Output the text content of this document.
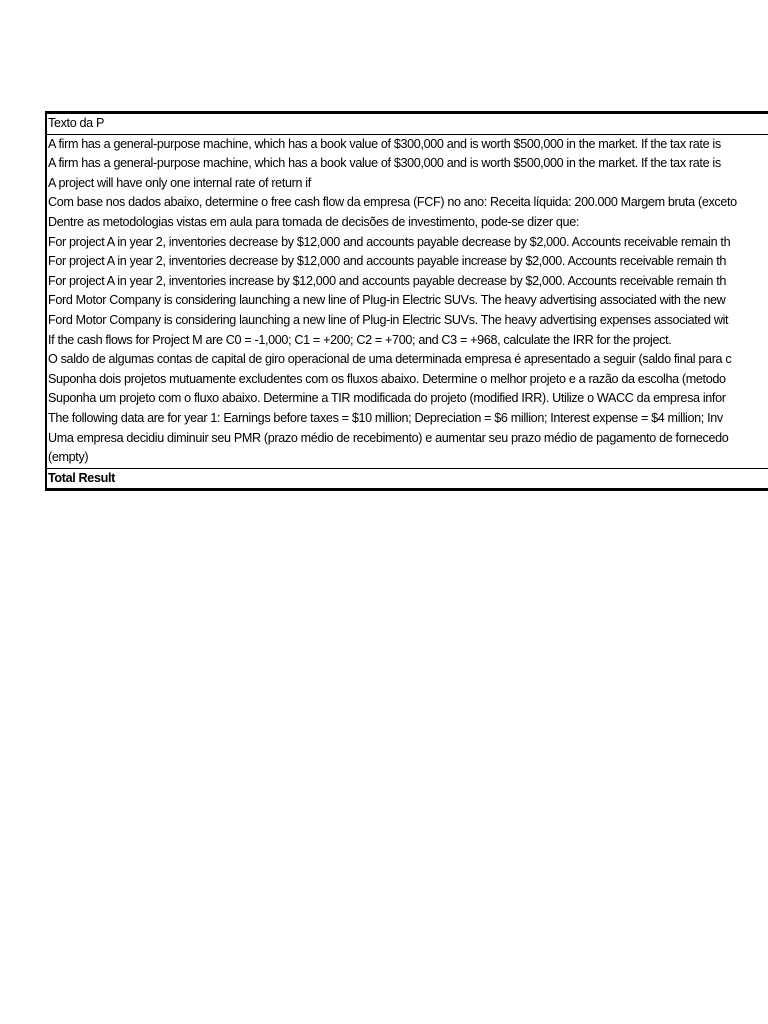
Texto da P
A firm has a general-purpose machine, which has a book value of $300,000 and is worth $500,000 in the market. If the tax rate is
A firm has a general-purpose machine, which has a book value of $300,000 and is worth $500,000 in the market. If the tax rate is
A project will have only one internal rate of return if
Com base nos dados abaixo, determine o free cash flow da empresa (FCF) no ano: Receita líquida: 200.000 Margem bruta (exceto
Dentre as metodologias vistas em aula para tomada de decisões de investimento, pode-se dizer que:
For project A in year 2, inventories decrease by $12,000 and accounts payable decrease by $2,000. Accounts receivable remain th
For project A in year 2, inventories decrease by $12,000 and accounts payable increase by $2,000. Accounts receivable remain th
For project A in year 2, inventories increase by $12,000 and accounts payable decrease by $2,000. Accounts receivable remain th
Ford Motor Company is considering launching a new line of Plug-in Electric SUVs. The heavy advertising associated with the new
Ford Motor Company is considering launching a new line of Plug-in Electric SUVs. The heavy advertising expenses associated wit
If the cash flows for Project M are C0 = -1,000; C1 = +200; C2 = +700; and C3 = +968, calculate the IRR for the project.
O saldo de algumas contas de capital de giro operacional de uma determinada empresa é apresentado a seguir (saldo final para c
Suponha dois projetos mutuamente excludentes com os fluxos abaixo. Determine o melhor projeto e a razão da escolha (metodo
Suponha um projeto com o fluxo abaixo. Determine a TIR modificada do projeto (modified IRR). Utilize o WACC da empresa infor
The following data are for year 1: Earnings before taxes = $10 million; Depreciation = $6 million; Interest expense = $4 million; Inv
Uma empresa decidiu diminuir seu PMR (prazo médio de recebimento) e aumentar seu prazo médio de pagamento de fornecedo
(empty)
Total Result
